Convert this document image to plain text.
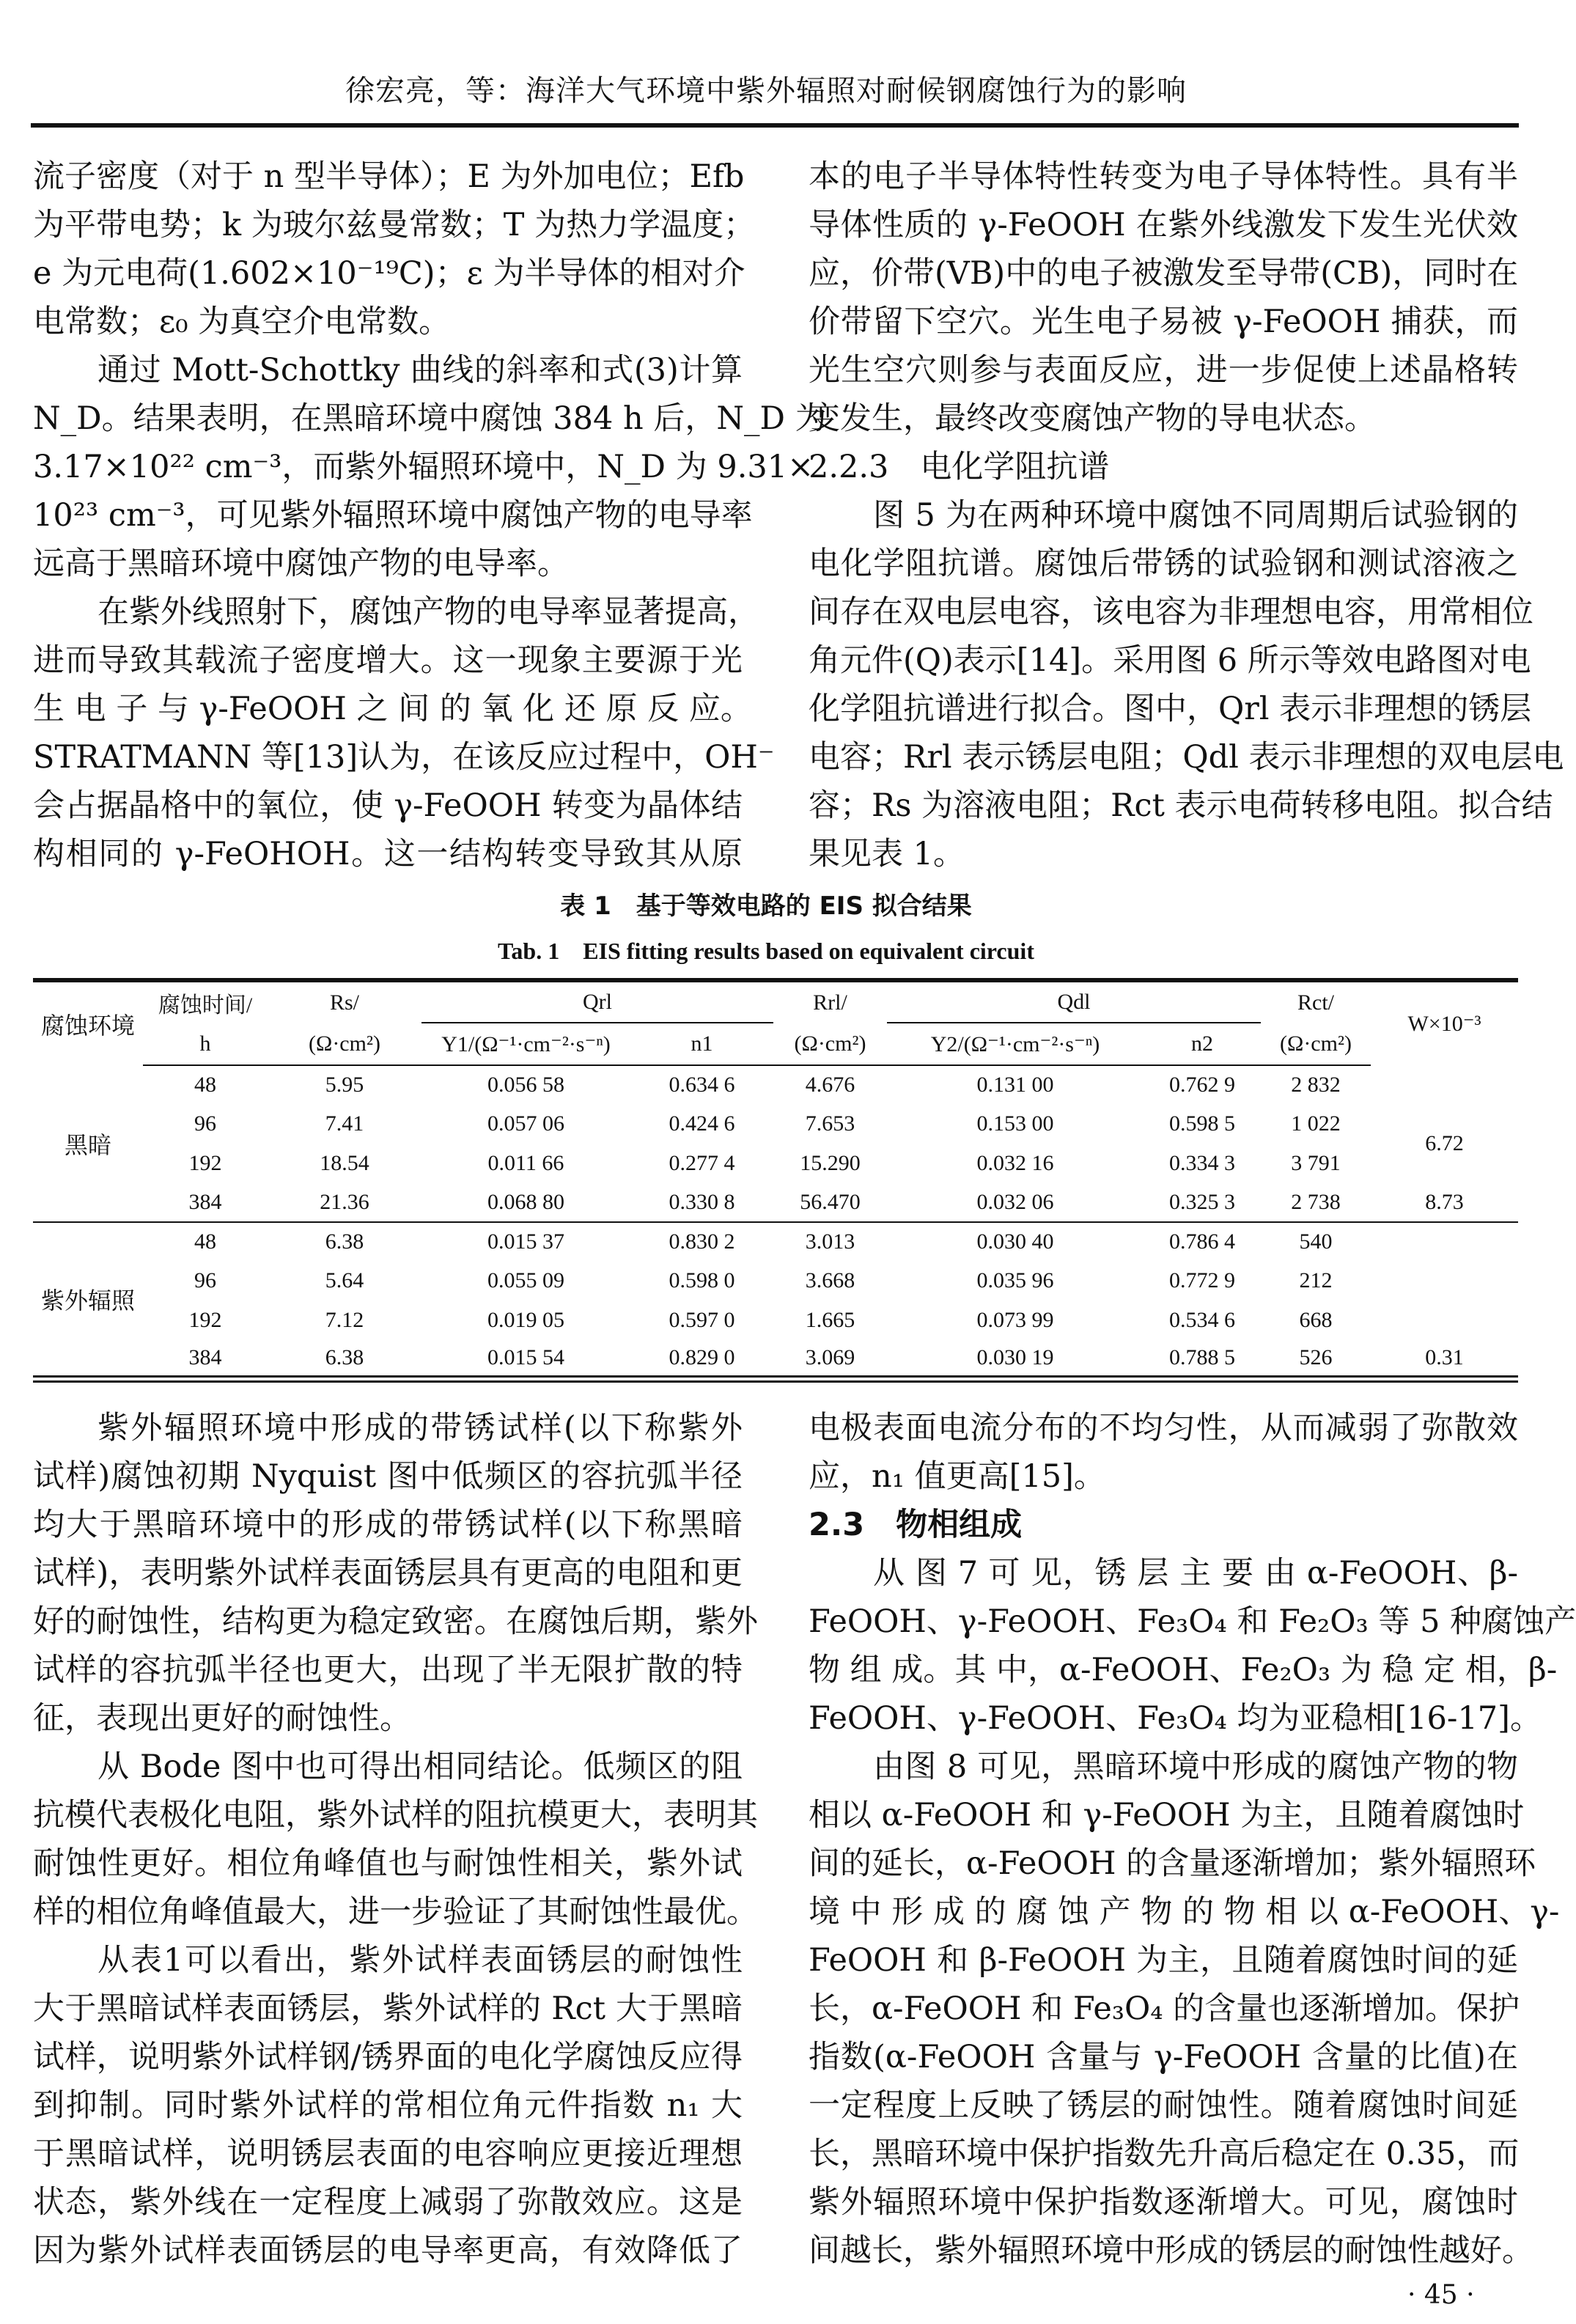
徐宏亮，等：海洋大气环境中紫外辐照对耐候钢腐蚀行为的影响
流子密度（对于 n 型半导体）；E 为外加电位；Efb
为平带电势；k 为玻尔兹曼常数；T 为热力学温度；
e 为元电荷(1.602×10⁻¹⁹C)；ε 为半导体的相对介
电常数；ε₀ 为真空介电常数。
通过 Mott-Schottky 曲线的斜率和式(3)计算
N_D。结果表明，在黑暗环境中腐蚀 384 h 后，N_D 为
3.17×10²² cm⁻³，而紫外辐照环境中，N_D 为 9.31×
10²³ cm⁻³，可见紫外辐照环境中腐蚀产物的电导率
远高于黑暗环境中腐蚀产物的电导率。
在紫外线照射下，腐蚀产物的电导率显著提高，
进而导致其载流子密度增大。这一现象主要源于光
生 电 子 与 γ-FeOOH 之 间 的 氧 化 还 原 反 应。
STRATMANN 等[13]认为，在该反应过程中，OH⁻
会占据晶格中的氧位，使 γ-FeOOH 转变为晶体结
构相同的 γ-FeOHOH。这一结构转变导致其从原
本的电子半导体特性转变为电子导体特性。具有半
导体性质的 γ-FeOOH 在紫外线激发下发生光伏效
应，价带(VB)中的电子被激发至导带(CB)，同时在
价带留下空穴。光生电子易被 γ-FeOOH 捕获，而
光生空穴则参与表面反应，进一步促使上述晶格转
变发生，最终改变腐蚀产物的导电状态。
2.2.3　电化学阻抗谱
图 5 为在两种环境中腐蚀不同周期后试验钢的
电化学阻抗谱。腐蚀后带锈的试验钢和测试溶液之
间存在双电层电容，该电容为非理想电容，用常相位
角元件(Q)表示[14]。采用图 6 所示等效电路图对电
化学阻抗谱进行拟合。图中，Qrl 表示非理想的锈层
电容；Rrl 表示锈层电阻；Qdl 表示非理想的双电层电
容；Rs 为溶液电阻；Rct 表示电荷转移电阻。拟合结
果见表 1。
表 1　基于等效电路的 EIS 拟合结果
Tab. 1　EIS fitting results based on equivalent circuit
腐蚀环境	腐蚀时间/	Rs/	Qrl		Rrl/	Qdl		Rct/	W×10⁻³
	h	(Ω·cm²)	Y1/(Ω⁻¹·cm⁻²·s⁻ⁿ)	n1	(Ω·cm²)	Y2/(Ω⁻¹·cm⁻²·s⁻ⁿ)	n2	(Ω·cm²)	
黑暗	48	5.95	0.056 58	0.634 6	4.676	0.131 00	0.762 9	2 832	
	96	7.41	0.057 06	0.424 6	7.653	0.153 00	0.598 5	1 022	6.72
	192	18.54	0.011 66	0.277 4	15.290	0.032 16	0.334 3	3 791	
	384	21.36	0.068 80	0.330 8	56.470	0.032 06	0.325 3	2 738	8.73
紫外辐照	48	6.38	0.015 37	0.830 2	3.013	0.030 40	0.786 4	540	
	96	5.64	0.055 09	0.598 0	3.668	0.035 96	0.772 9	212	
	192	7.12	0.019 05	0.597 0	1.665	0.073 99	0.534 6	668	
	384	6.38	0.015 54	0.829 0	3.069	0.030 19	0.788 5	526	0.31
紫外辐照环境中形成的带锈试样(以下称紫外
试样)腐蚀初期 Nyquist 图中低频区的容抗弧半径
均大于黑暗环境中的形成的带锈试样(以下称黑暗
试样)，表明紫外试样表面锈层具有更高的电阻和更
好的耐蚀性，结构更为稳定致密。在腐蚀后期，紫外
试样的容抗弧半径也更大，出现了半无限扩散的特
征，表现出更好的耐蚀性。
从 Bode 图中也可得出相同结论。低频区的阻
抗模代表极化电阻，紫外试样的阻抗模更大，表明其
耐蚀性更好。相位角峰值也与耐蚀性相关，紫外试
样的相位角峰值最大，进一步验证了其耐蚀性最优。
从表1可以看出，紫外试样表面锈层的耐蚀性
大于黑暗试样表面锈层，紫外试样的 Rct 大于黑暗
试样，说明紫外试样钢/锈界面的电化学腐蚀反应得
到抑制。同时紫外试样的常相位角元件指数 n₁ 大
于黑暗试样，说明锈层表面的电容响应更接近理想
状态，紫外线在一定程度上减弱了弥散效应。这是
因为紫外试样表面锈层的电导率更高，有效降低了
电极表面电流分布的不均匀性，从而减弱了弥散效
应，n₁ 值更高[15]。
2.3　物相组成
从 图 7 可 见，锈 层 主 要 由 α-FeOOH、β-
FeOOH、γ-FeOOH、Fe₃O₄ 和 Fe₂O₃ 等 5 种腐蚀产
物 组 成。其 中，α-FeOOH、Fe₂O₃ 为 稳 定 相，β-
FeOOH、γ-FeOOH、Fe₃O₄ 均为亚稳相[16-17]。
由图 8 可见，黑暗环境中形成的腐蚀产物的物
相以 α-FeOOH 和 γ-FeOOH 为主，且随着腐蚀时
间的延长，α-FeOOH 的含量逐渐增加；紫外辐照环
境 中 形 成 的 腐 蚀 产 物 的 物 相 以 α-FeOOH、γ-
FeOOH 和 β-FeOOH 为主，且随着腐蚀时间的延
长，α-FeOOH 和 Fe₃O₄ 的含量也逐渐增加。保护
指数(α-FeOOH 含量与 γ-FeOOH 含量的比值)在
一定程度上反映了锈层的耐蚀性。随着腐蚀时间延
长，黑暗环境中保护指数先升高后稳定在 0.35，而
紫外辐照环境中保护指数逐渐增大。可见，腐蚀时
间越长，紫外辐照环境中形成的锈层的耐蚀性越好。
· 45 ·
